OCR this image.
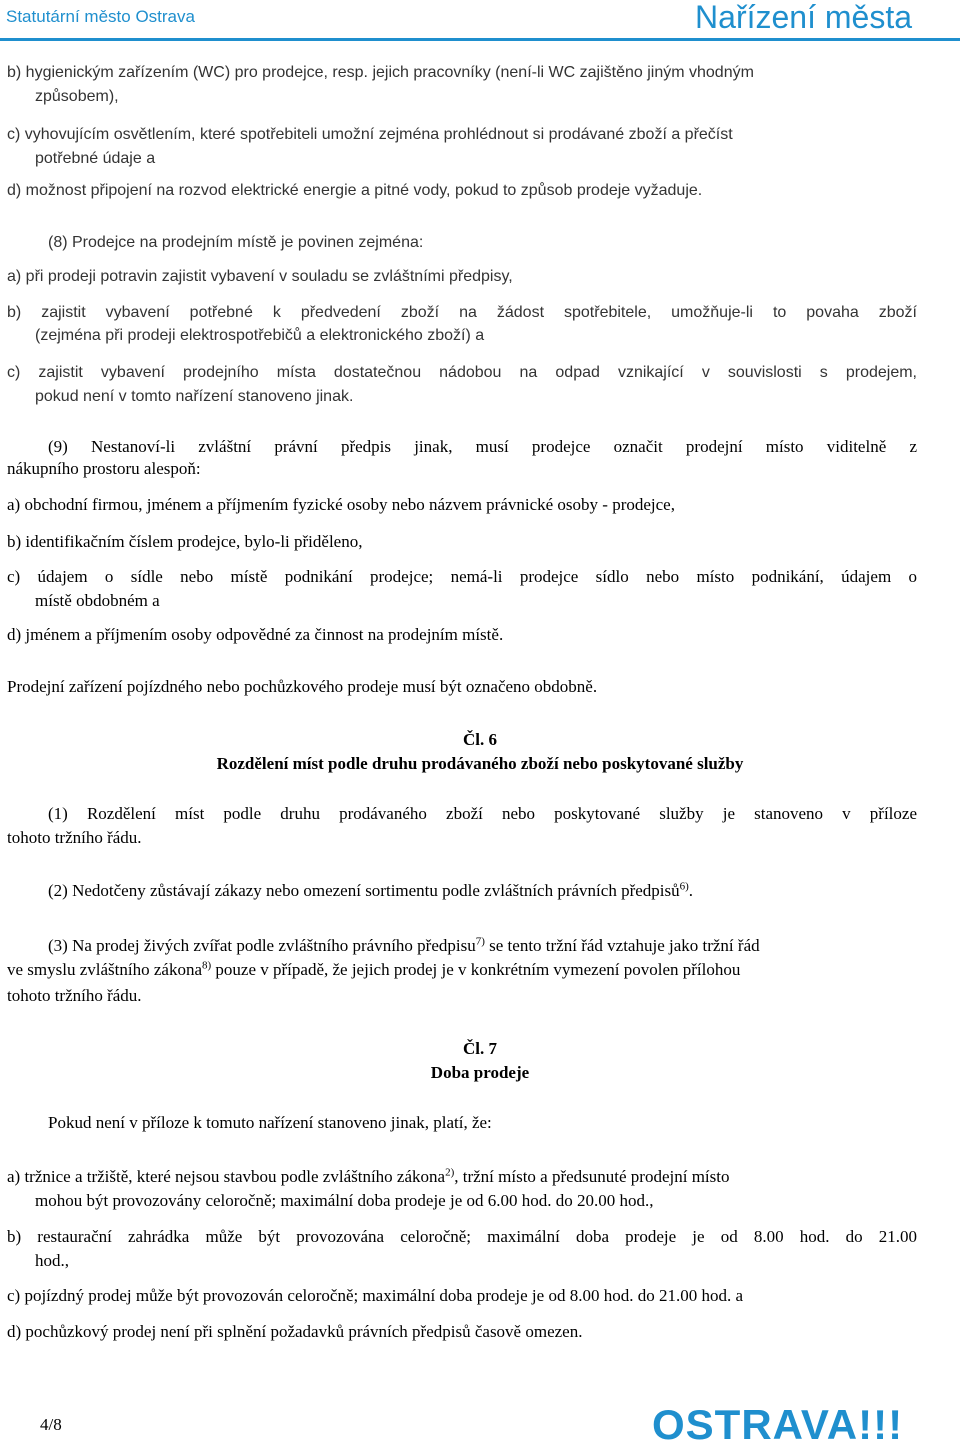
Statutární město Ostrava	Nařízení města
b) hygienickým zařízením (WC) pro prodejce, resp. jejich pracovníky (není-li WC zajištěno jiným vhodným
způsobem),
c) vyhovujícím osvětlením, které spotřebiteli umožní zejména prohlédnout si prodávané zboží a přečíst
potřebné údaje a
d) možnost připojení na rozvod elektrické energie a pitné vody, pokud to způsob prodeje vyžaduje.
(8) Prodejce na prodejním místě je povinen zejména:
a) při prodeji potravin zajistit vybavení v souladu se zvláštními předpisy,
b) zajistit vybavení potřebné k předvedení zboží na žádost spotřebitele, umožňuje-li to povaha zboží
(zejména při prodeji elektrospotřebičů a elektronického zboží) a
c) zajistit vybavení prodejního místa dostatečnou nádobou na odpad vznikající v souvislosti s prodejem,
pokud není v tomto nařízení stanoveno jinak.
(9) Nestanoví-li zvláštní právní předpis jinak, musí prodejce označit prodejní místo viditelně z
nákupního prostoru alespoň:
a) obchodní firmou, jménem a příjmením fyzické osoby nebo názvem právnické osoby - prodejce,
b) identifikačním číslem prodejce, bylo-li přiděleno,
c) údajem o sídle nebo místě podnikání prodejce; nemá-li prodejce sídlo nebo místo podnikání, údajem o
místě obdobném a
d) jménem a příjmením osoby odpovědné za činnost na prodejním místě.
Prodejní zařízení pojízdného nebo pochůzkového prodeje musí být označeno obdobně.
Čl. 6
Rozdělení míst podle druhu prodávaného zboží nebo poskytované služby
(1) Rozdělení míst podle druhu prodávaného zboží nebo poskytované služby je stanoveno v příloze
tohoto tržního řádu.
(2) Nedotčeny zůstávají zákazy nebo omezení sortimentu podle zvláštních právních předpisů$^{6)}$.
(3) Na prodej živých zvířat podle zvláštního právního předpisu$^{7)}$ se tento tržní řád vztahuje jako tržní řád
ve smyslu zvláštního zákona$^{8)}$ pouze v případě, že jejich prodej je v konkrétním vymezení povolen přílohou
tohoto tržního řádu.
Čl. 7
Doba prodeje
Pokud není v příloze k tomuto nařízení stanoveno jinak, platí, že:
a) tržnice a tržiště, které nejsou stavbou podle zvláštního zákona$^{2)}$, tržní místo a předsunuté prodejní místo
mohou být provozovány celoročně; maximální doba prodeje je od 6.00 hod. do 20.00 hod.,
b) restaurační zahrádka může být provozována celoročně; maximální doba prodeje je od 8.00 hod. do 21.00
hod.,
c) pojízdný prodej může být provozován celoročně; maximální doba prodeje je od 8.00 hod. do 21.00 hod. a
d) pochůzkový prodej není při splnění požadavků právních předpisů časově omezen.
4/8	OSTRAVA!!!
